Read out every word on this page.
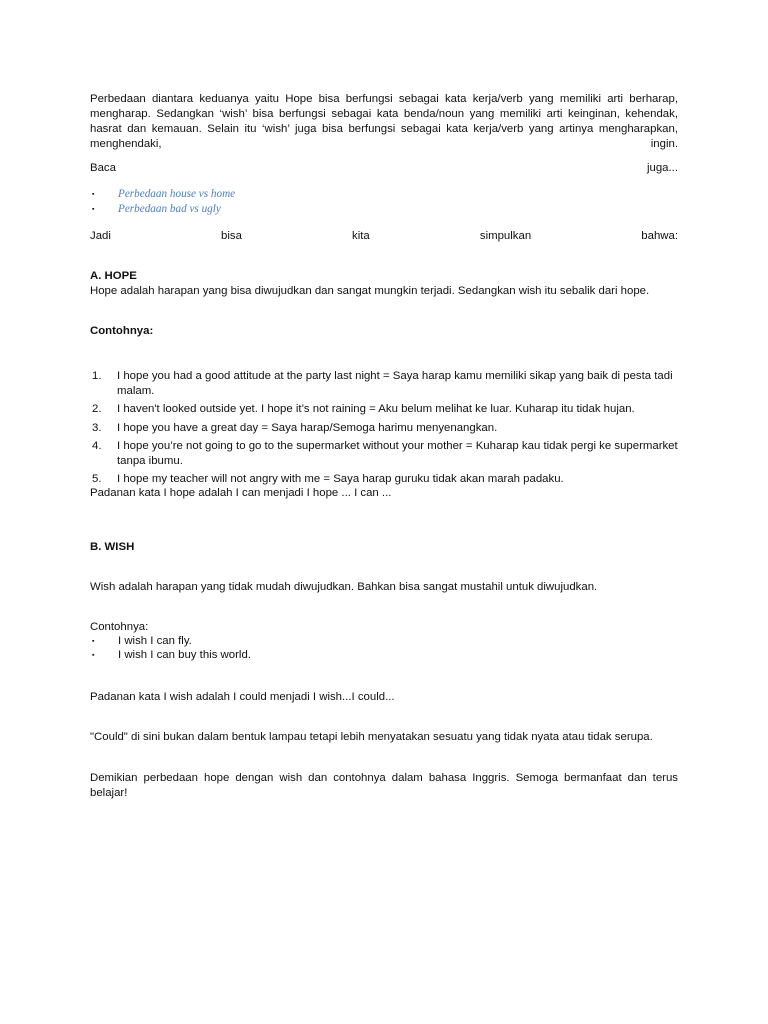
Perbedaan diantara keduanya yaitu Hope bisa berfungsi sebagai kata kerja/verb yang memiliki arti berharap, mengharap. Sedangkan ‘wish’ bisa berfungsi sebagai kata benda/noun yang memiliki arti keinginan, kehendak, hasrat dan kemauan. Selain itu ‘wish’ juga bisa berfungsi sebagai kata kerja/verb yang artinya mengharapkan, menghendaki, ingin.
Baca	juga...
▪	Perbedaan house vs home
▪	Perbedaan bad vs ugly
Jadi bisa kita simpulkan bahwa:
A. HOPE
Hope adalah harapan yang bisa diwujudkan dan sangat mungkin terjadi. Sedangkan wish itu sebalik dari hope.
Contohnya:
1.	I hope you had a good attitude at the party last night = Saya harap kamu memiliki sikap yang baik di pesta tadi malam.
2.	I haven't looked outside yet. I hope it’s not raining = Aku belum melihat ke luar. Kuharap itu tidak hujan.
3.	I hope you have a great day = Saya harap/Semoga harimu menyenangkan.
4.	I hope you’re not going to go to the supermarket without your mother = Kuharap kau tidak pergi ke supermarket tanpa ibumu.
5.	I hope my teacher will not angry with me = Saya harap guruku tidak akan marah padaku.
Padanan kata I hope adalah I can menjadi I hope ... I can ...
B. WISH
Wish adalah harapan yang tidak mudah diwujudkan. Bahkan bisa sangat mustahil untuk diwujudkan.
Contohnya:
▪	I wish I can fly.
▪	I wish I can buy this world.
Padanan kata I wish adalah I could menjadi I wish...I could...
"Could" di sini bukan dalam bentuk lampau tetapi lebih menyatakan sesuatu yang tidak nyata atau tidak serupa.
Demikian perbedaan hope dengan wish dan contohnya dalam bahasa Inggris. Semoga bermanfaat dan terus belajar!
